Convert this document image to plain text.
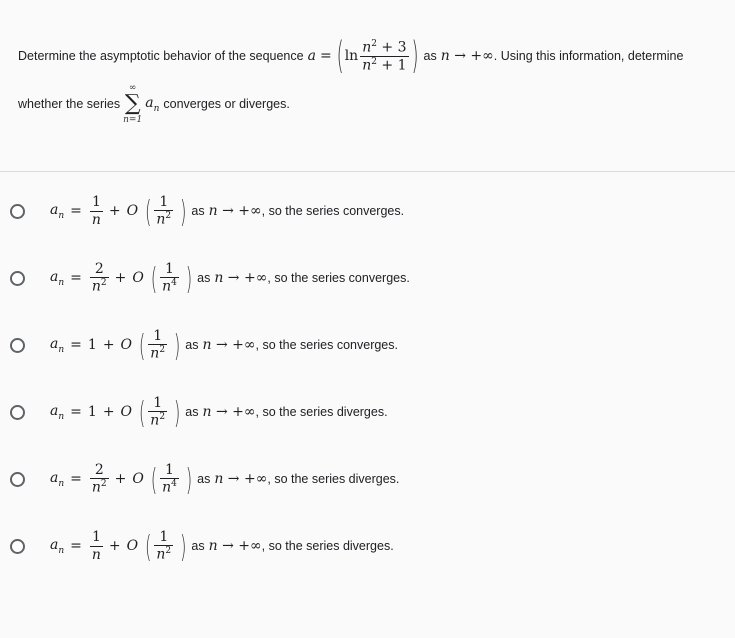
Determine the asymptotic behavior of the sequence a = ( $\ln \frac{n^2 + 3}{n^2 + 1}$ ) as n → +∞ . Using this information, determine
whether the series
∞
∑
n=1
$a_n$ converges or diverges.
$a_n = \frac{1}{n} + O$ ( $\frac{1}{n^2}$ ) as n → +∞ , so the series converges.
$a_n = \frac{2}{n^2} + O$ ( $\frac{1}{n^4}$ ) as n → +∞ , so the series converges.
$a_n = 1 + O$ ( $\frac{1}{n^2}$ ) as n → +∞ , so the series converges.
$a_n = 1 + O$ ( $\frac{1}{n^2}$ ) as n → +∞ , so the series diverges.
$a_n = \frac{2}{n^2} + O$ ( $\frac{1}{n^4}$ ) as n → +∞ , so the series diverges.
$a_n = \frac{1}{n} + O$ ( $\frac{1}{n^2}$ ) as n → +∞ , so the series diverges.
